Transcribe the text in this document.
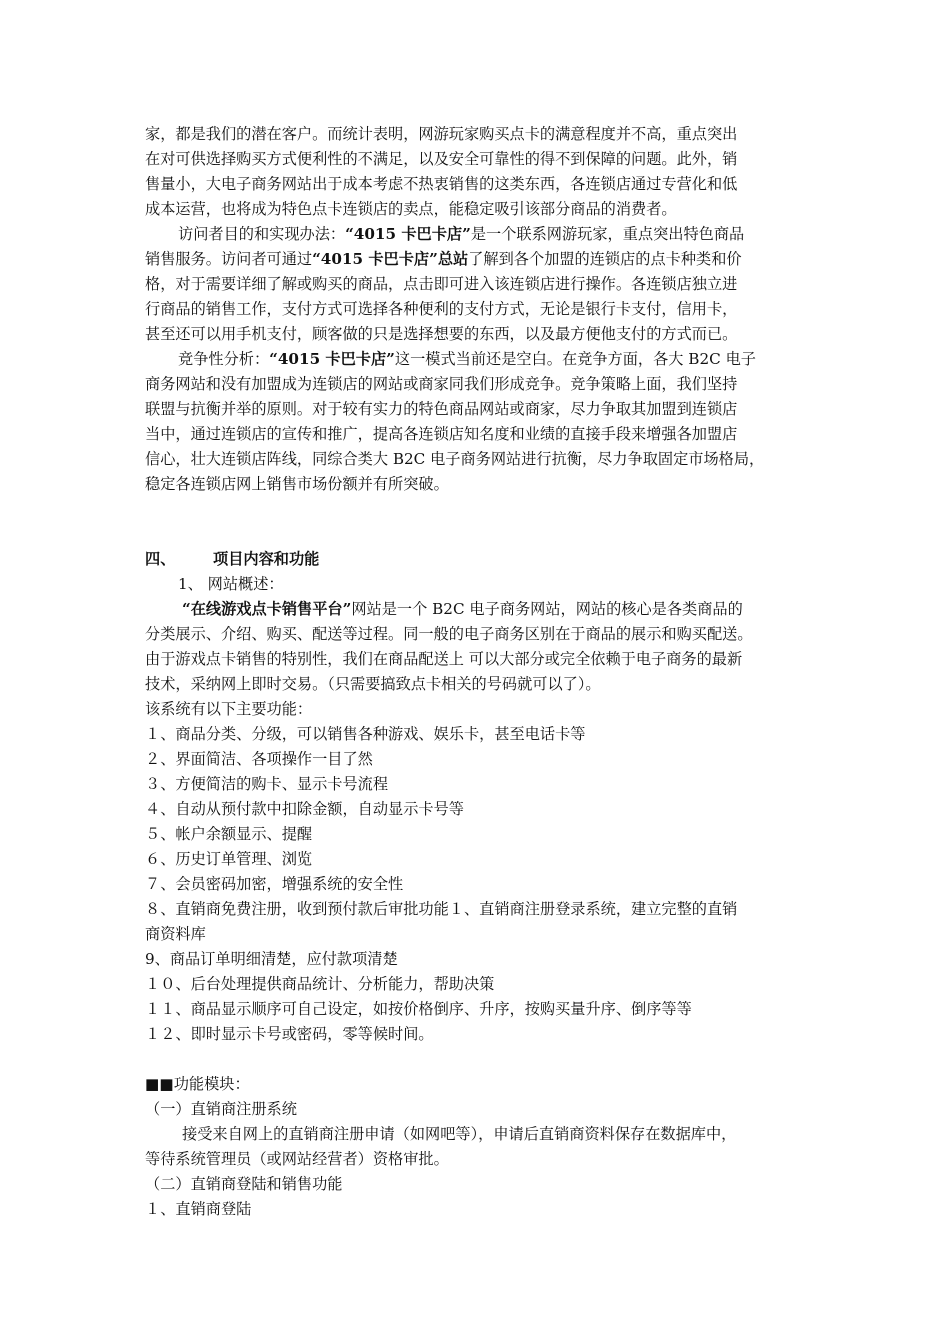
家，都是我们的潜在客户。而统计表明，网游玩家购买点卡的满意程度并不高，重点突出
在对可供选择购买方式便利性的不满足，以及安全可靠性的得不到保障的问题。此外，销
售量小，大电子商务网站出于成本考虑不热衷销售的这类东西，各连锁店通过专营化和低
成本运营，也将成为特色点卡连锁店的卖点，能稳定吸引该部分商品的消费者。
访问者目的和实现办法：“4015 卡巴卡店”是一个联系网游玩家，重点突出特色商品
销售服务。访问者可通过“4015 卡巴卡店”总站了解到各个加盟的连锁店的点卡种类和价
格，对于需要详细了解或购买的商品，点击即可进入该连锁店进行操作。各连锁店独立进
行商品的销售工作，支付方式可选择各种便利的支付方式，无论是银行卡支付，信用卡，
甚至还可以用手机支付，顾客做的只是选择想要的东西，以及最方便他支付的方式而已。
竞争性分析：“4015 卡巴卡店”这一模式当前还是空白。在竞争方面，各大 B2C 电子
商务网站和没有加盟成为连锁店的网站或商家同我们形成竞争。竞争策略上面，我们坚持
联盟与抗衡并举的原则。对于较有实力的特色商品网站或商家，尽力争取其加盟到连锁店
当中，通过连锁店的宣传和推广，提高各连锁店知名度和业绩的直接手段来增强各加盟店
信心，壮大连锁店阵线，同综合类大 B2C 电子商务网站进行抗衡，尽力争取固定市场格局，
稳定各连锁店网上销售市场份额并有所突破。
四、 项目内容和功能
1、 网站概述：
“在线游戏点卡销售平台”网站是一个 B2C 电子商务网站，网站的核心是各类商品的
分类展示、介绍、购买、配送等过程。同一般的电子商务区别在于商品的展示和购买配送。
由于游戏点卡销售的特别性，我们在商品配送上 可以大部分或完全依赖于电子商务的最新
技术，采纳网上即时交易。（只需要搞致点卡相关的号码就可以了）。
该系统有以下主要功能：
１、商品分类、分级，可以销售各种游戏、娱乐卡，甚至电话卡等
２、界面简洁、各项操作一目了然
３、方便简洁的购卡、显示卡号流程
４、自动从预付款中扣除金额，自动显示卡号等
５、帐户余额显示、提醒
６、历史订单管理、浏览
７、会员密码加密，增强系统的安全性
８、直销商免费注册，收到预付款后审批功能１、直销商注册登录系统，建立完整的直销
商资料库
9、商品订单明细清楚，应付款项清楚
１０、后台处理提供商品统计、分析能力，帮助决策
１１、商品显示顺序可自己设定，如按价格倒序、升序，按购买量升序、倒序等等
１２、即时显示卡号或密码，零等候时间。
■■功能模块：
（一）直销商注册系统
接受来自网上的直销商注册申请（如网吧等），申请后直销商资料保存在数据库中，
等待系统管理员（或网站经营者）资格审批。
（二）直销商登陆和销售功能
１、直销商登陆
